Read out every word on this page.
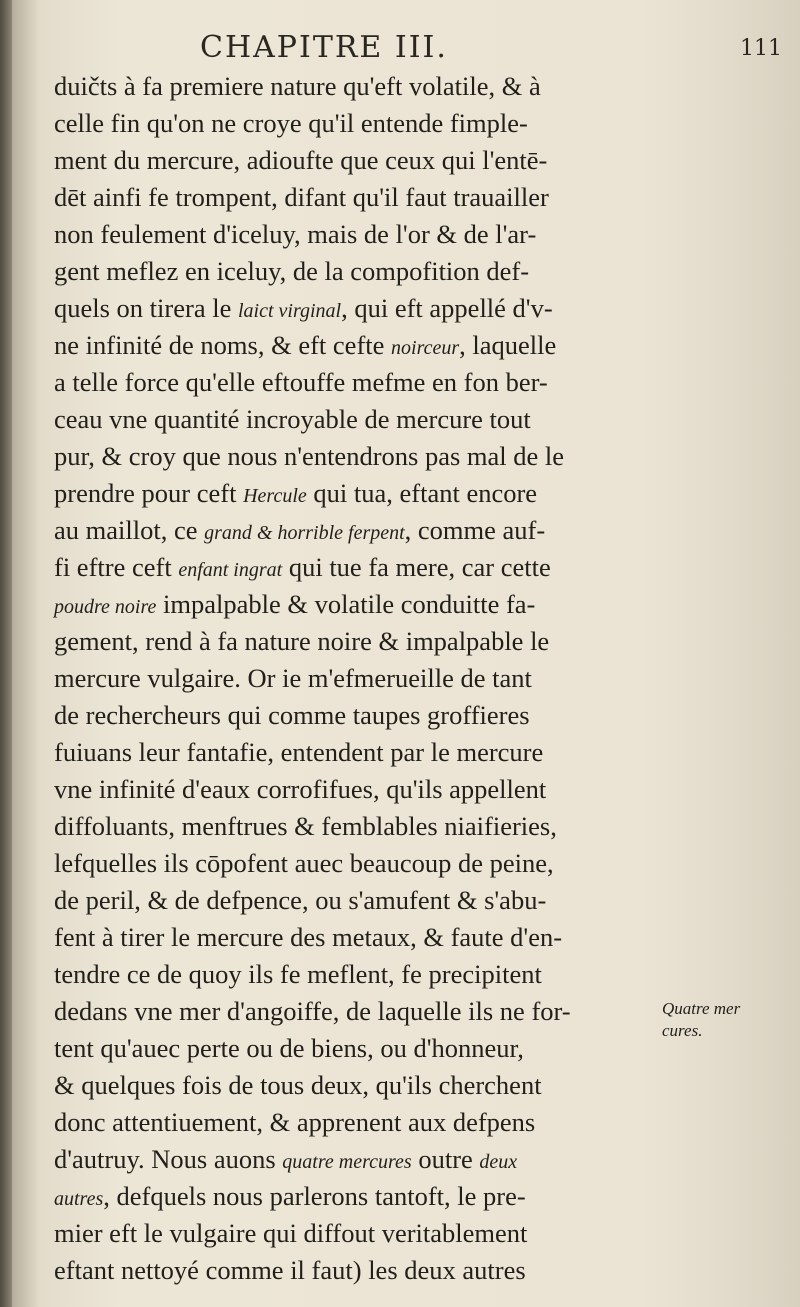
CHAPITRE III.	111
duičts à fa premiere nature qu'eft volatile, & à
celle fin qu'on ne croye qu'il entende fimple-
ment du mercure, adioufte que ceux qui l'entē-
dēt ainfi fe trompent, difant qu'il faut trauailler
non feulement d'iceluy, mais de l'or & de l'ar-
gent meflez en iceluy, de la compofition def-
quels on tirera le laict virginal, qui eft appellé d'v-
ne infinité de noms, & eft cefte noirceur, laquelle
a telle force qu'elle eftouffe mefme en fon ber-
ceau vne quantité incroyable de mercure tout
pur, & croy que nous n'entendrons pas mal de le
prendre pour ceft Hercule qui tua, eftant encore
au maillot, ce grand & horrible ferpent, comme auf-
fi eftre ceft enfant ingrat qui tue fa mere, car cette
poudre noire impalpable & volatile conduitte fa-
gement, rend à fa nature noire & impalpable le
mercure vulgaire. Or ie m'efmerueille de tant
de rechercheurs qui comme taupes groffieres
fuiuans leur fantafie, entendent par le mercure
vne infinité d'eaux corrofifues, qu'ils appellent
diffoluants, menftrues & femblables niaifieries,
lefquelles ils cōpofent auec beaucoup de peine,
de peril, & de defpence, ou s'amufent & s'abu-
fent à tirer le mercure des metaux, & faute d'en-
tendre ce de quoy ils fe meflent, fe precipitent
dedans vne mer d'angoiffe, de laquelle ils ne for-
tent qu'auec perte ou de biens, ou d'honneur,
& quelques fois de tous deux, qu'ils cherchent
donc attentiuement, & apprenent aux defpens
d'autruy. Nous auons quatre mercures outre deux
autres, defquels nous parlerons tantoft, le pre-
mier eft le vulgaire qui diffout veritablement
eftant nettoyé comme il faut) les deux autres
Quatre mer
cures.
